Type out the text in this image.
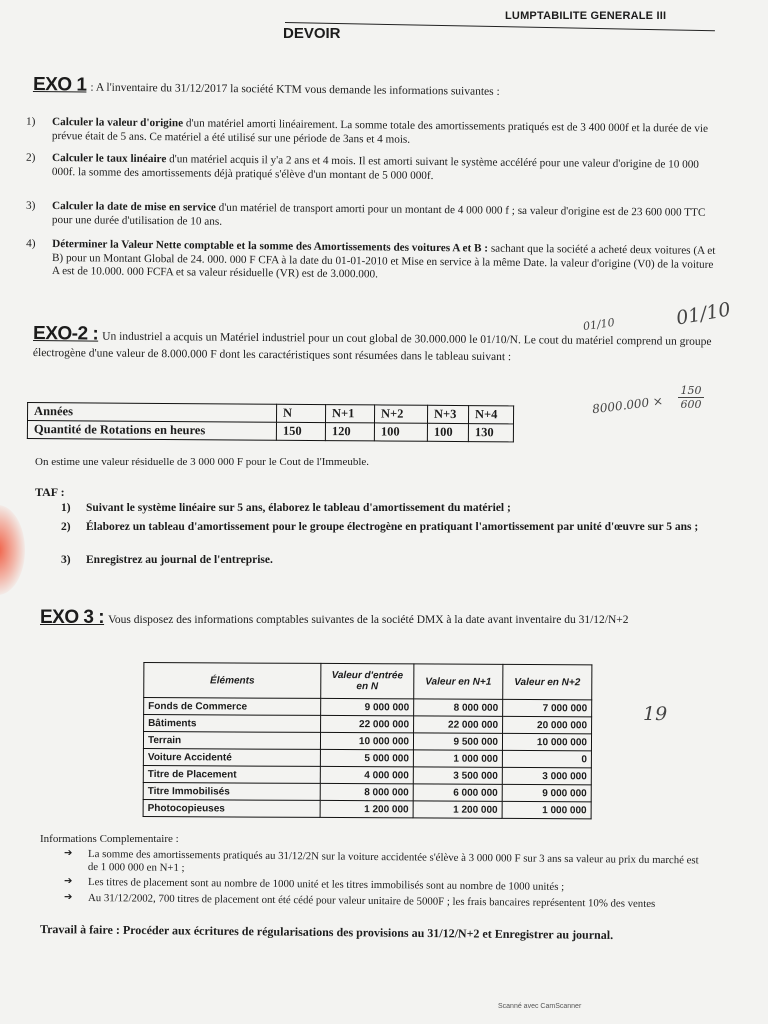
LUMPTABILITE GENERALE III
DEVOIR
EXO 1 : A l'inventaire du 31/12/2017 la société KTM vous demande les informations suivantes :
1) Calculer la valeur d'origine d'un matériel amorti linéairement. La somme totale des amortissements pratiqués est de 3 400 000f et la durée de vie prévue était de 5 ans. Ce matériel a été utilisé sur une période de 3ans et 4 mois.
2) Calculer le taux linéaire d'un matériel acquis il y'a 2 ans et 4 mois. Il est amorti suivant le système accéléré pour une valeur d'origine de 10 000 000f. la somme des amortissements déjà pratiqué s'élève d'un montant de 5 000 000f.
3) Calculer la date de mise en service d'un matériel de transport amorti pour un montant de 4 000 000 f ; sa valeur d'origine est de 23 600 000 TTC pour une durée d'utilisation de 10 ans.
4) Déterminer la Valeur Nette comptable et la somme des Amortissements des voitures A et B : sachant que la société a acheté deux voitures (A et B) pour un Montant Global de 24. 000. 000 F CFA à la date du 01-01-2010 et Mise en service à la même Date. la valeur d'origine (V0) de la voiture A est de 10.000. 000 FCFA et sa valeur résiduelle (VR) est de 3.000.000.
EXO-2 : Un industriel a acquis un Matériel industriel pour un cout global de 30.000.000 le 01/10/N. Le cout du matériel comprend un groupe électrogène d'une valeur de 8.000.000 F dont les caractéristiques sont résumées dans le tableau suivant :
01/10	01/10
Années	N	N+1	N+2	N+3	N+4
Quantité de Rotations en heures	150	120	100	100	130
$8000.000 \times \frac{150}{600}$
On estime une valeur résiduelle de 3 000 000 F pour le Cout de l'Immeuble.
TAF :
1) Suivant le système linéaire sur 5 ans, élaborez le tableau d'amortissement du matériel ;
2) Élaborez un tableau d'amortissement pour le groupe électrogène en pratiquant l'amortissement par unité d'œuvre sur 5 ans ;
3) Enregistrez au journal de l'entreprise.
EXO 3 : Vous disposez des informations comptables suivantes de la société DMX à la date avant inventaire du 31/12/N+2
Éléments	Valeur d'entrée en N	Valeur en N+1	Valeur en N+2
Fonds de Commerce	9 000 000	8 000 000	7 000 000
Bâtiments	22 000 000	22 000 000	20 000 000
Terrain	10 000 000	9 500 000	10 000 000
Voiture Accidenté	5 000 000	1 000 000	0
Titre de Placement	4 000 000	3 500 000	3 000 000
Titre Immobilisés	8 000 000	6 000 000	9 000 000
Photocopieuses	1 200 000	1 200 000	1 000 000
19
Informations Complementaire :
➔ La somme des amortissements pratiqués au 31/12/2N sur la voiture accidentée s'élève à 3 000 000 F sur 3 ans sa valeur au prix du marché est de 1 000 000 en N+1 ;
➔ Les titres de placement sont au nombre de 1000 unité et les titres immobilisés sont au nombre de 1000 unités ;
➔ Au 31/12/2002, 700 titres de placement ont été cédé pour valeur unitaire de 5000F ; les frais bancaires représentent 10% des ventes
Travail à faire : Procéder aux écritures de régularisations des provisions au 31/12/N+2 et Enregistrer au journal.
Scanné avec CamScanner
